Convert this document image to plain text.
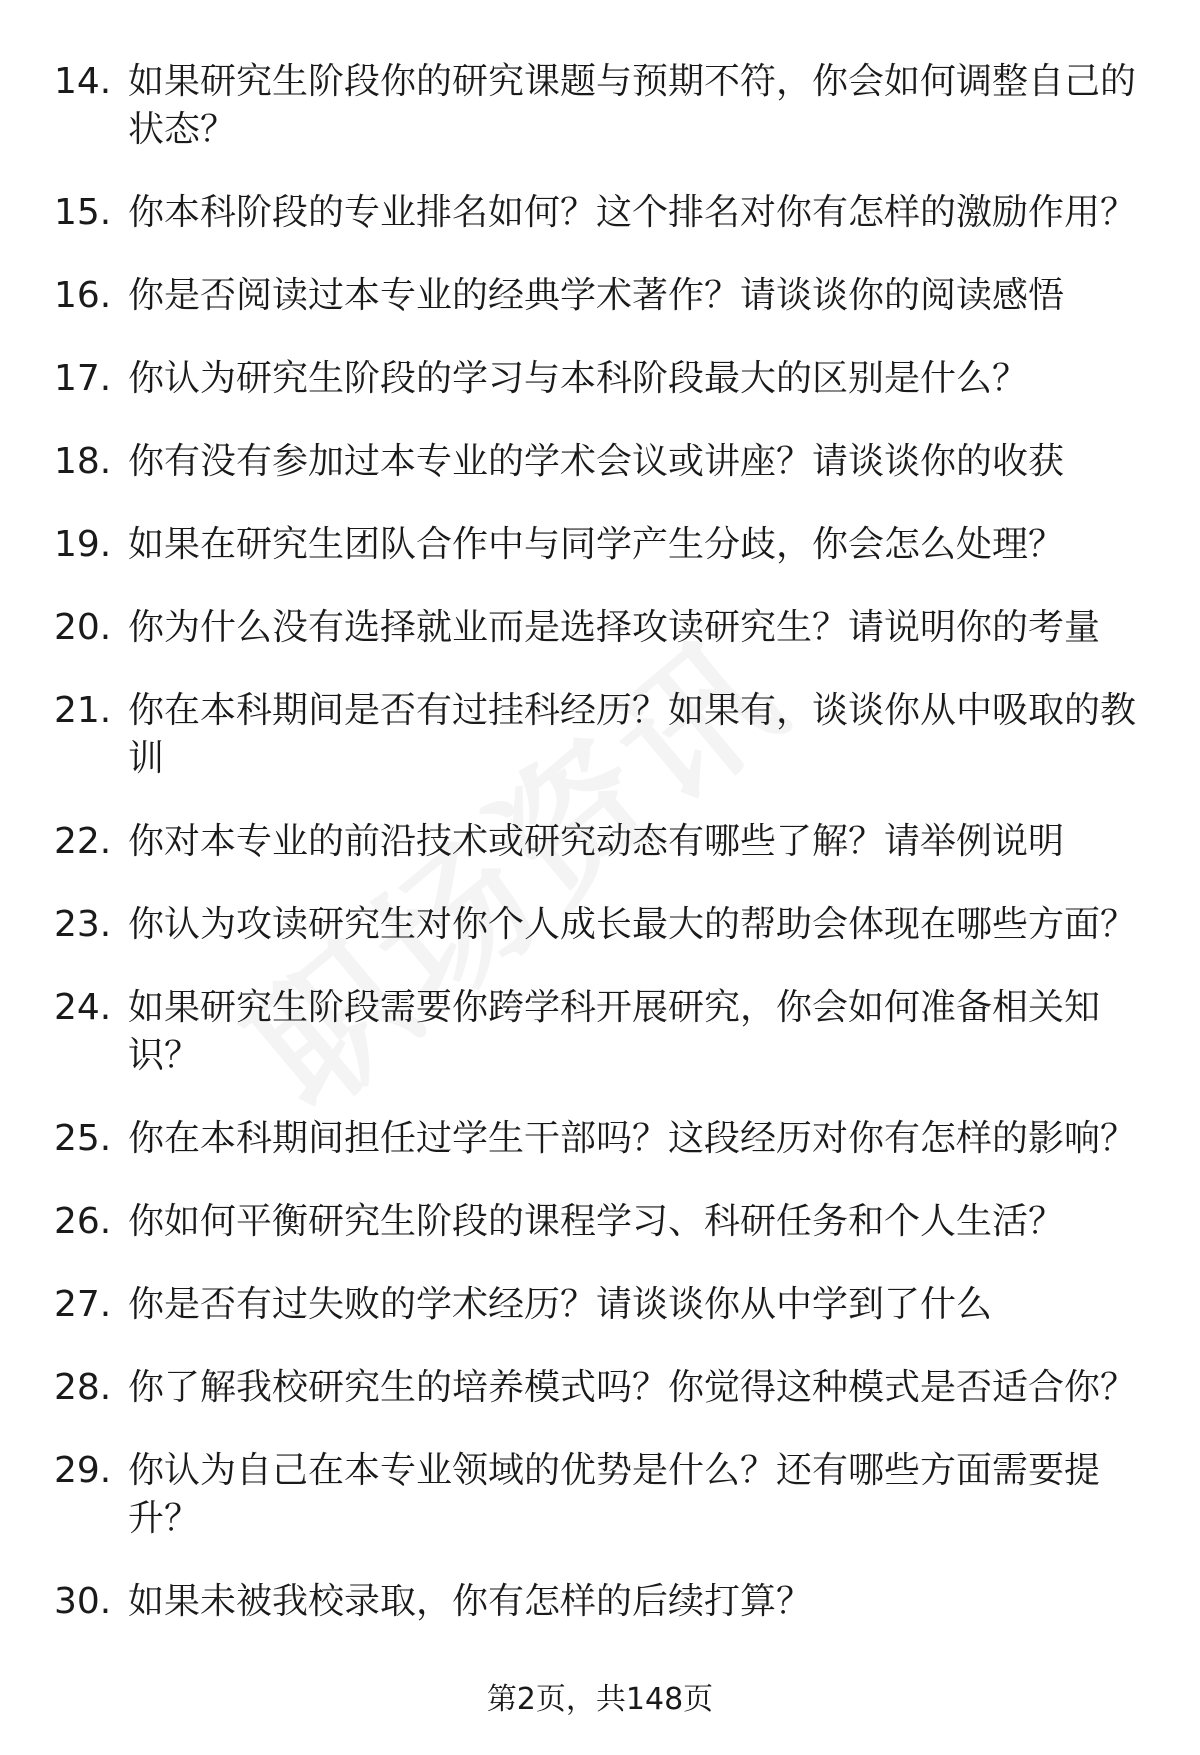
14. 如果研究生阶段你的研究课题与预期不符，你会如何调整自己的状态？
15. 你本科阶段的专业排名如何？这个排名对你有怎样的激励作用？
16. 你是否阅读过本专业的经典学术著作？请谈谈你的阅读感悟
17. 你认为研究生阶段的学习与本科阶段最大的区别是什么？
18. 你有没有参加过本专业的学术会议或讲座？请谈谈你的收获
19. 如果在研究生团队合作中与同学产生分歧，你会怎么处理？
20. 你为什么没有选择就业而是选择攻读研究生？请说明你的考量
21. 你在本科期间是否有过挂科经历？如果有，谈谈你从中吸取的教训
22. 你对本专业的前沿技术或研究动态有哪些了解？请举例说明
23. 你认为攻读研究生对你个人成长最大的帮助会体现在哪些方面？
24. 如果研究生阶段需要你跨学科开展研究，你会如何准备相关知识？
25. 你在本科期间担任过学生干部吗？这段经历对你有怎样的影响？
26. 你如何平衡研究生阶段的课程学习、科研任务和个人生活？
27. 你是否有过失败的学术经历？请谈谈你从中学到了什么
28. 你了解我校研究生的培养模式吗？你觉得这种模式是否适合你？
29. 你认为自己在本专业领域的优势是什么？还有哪些方面需要提升？
30. 如果未被我校录取，你有怎样的后续打算？
第2页，共148页
